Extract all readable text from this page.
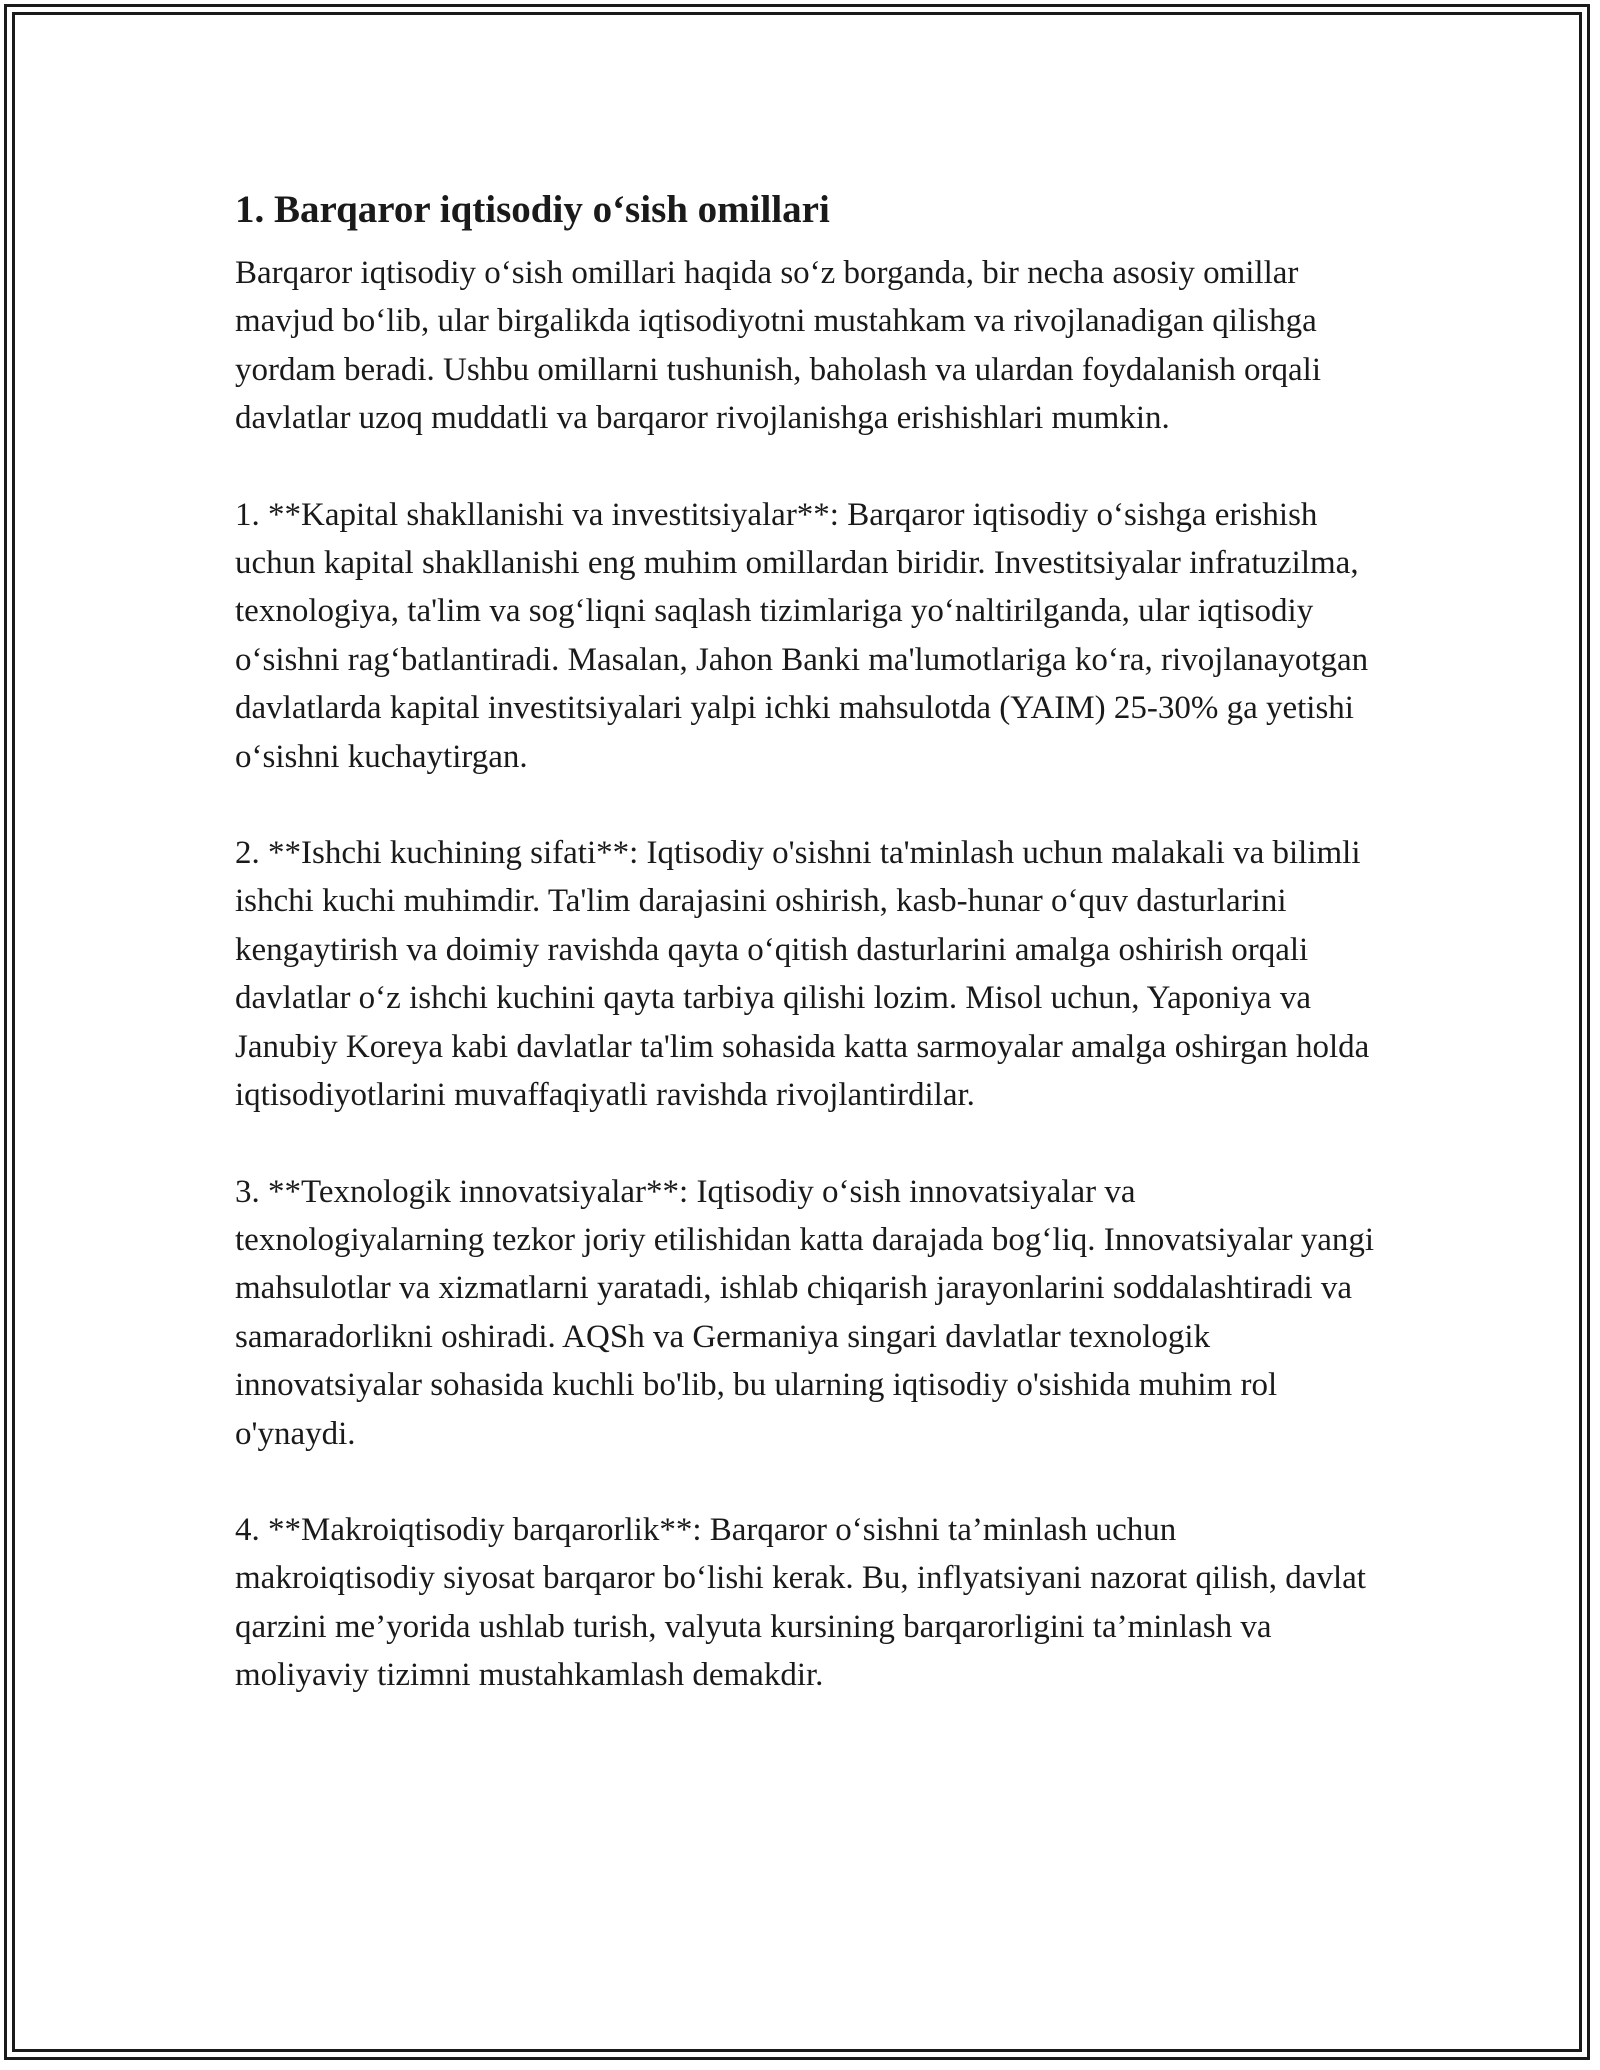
1. Barqaror iqtisodiy o‘sish omillari

Barqaror iqtisodiy o‘sish omillari haqida so‘z borganda, bir necha asosiy omillar mavjud bo‘lib, ular birgalikda iqtisodiyotni mustahkam va rivojlanadigan qilishga yordam beradi. Ushbu omillarni tushunish, baholash va ulardan foydalanish orqali davlatlar uzoq muddatli va barqaror rivojlanishga erishishlari mumkin.

1. **Kapital shakllanishi va investitsiyalar**: Barqaror iqtisodiy o‘sishga erishish uchun kapital shakllanishi eng muhim omillardan biridir. Investitsiyalar infratuzilma, texnologiya, ta'lim va sog‘liqni saqlash tizimlariga yo‘naltirilganda, ular iqtisodiy o‘sishni rag‘batlantiradi. Masalan, Jahon Banki ma'lumotlariga ko‘ra, rivojlanayotgan davlatlarda kapital investitsiyalari yalpi ichki mahsulotda (YAIM) 25-30% ga yetishi o‘sishni kuchaytirgan.

2. **Ishchi kuchining sifati**: Iqtisodiy o'sishni ta'minlash uchun malakali va bilimli ishchi kuchi muhimdir. Ta'lim darajasini oshirish, kasb-hunar o‘quv dasturlarini kengaytirish va doimiy ravishda qayta o‘qitish dasturlarini amalga oshirish orqali davlatlar o‘z ishchi kuchini qayta tarbiya qilishi lozim. Misol uchun, Yaponiya va Janubiy Koreya kabi davlatlar ta'lim sohasida katta sarmoyalar amalga oshirgan holda iqtisodiyotlarini muvaffaqiyatli ravishda rivojlantirdilar.

3. **Texnologik innovatsiyalar**: Iqtisodiy o‘sish innovatsiyalar va texnologiyalarning tezkor joriy etilishidan katta darajada bog‘liq. Innovatsiyalar yangi mahsulotlar va xizmatlarni yaratadi, ishlab chiqarish jarayonlarini soddalashtiradi va samaradorlikni oshiradi. AQSh va Germaniya singari davlatlar texnologik innovatsiyalar sohasida kuchli bo'lib, bu ularning iqtisodiy o'sishida muhim rol o'ynaydi.

4. **Makroiqtisodiy barqarorlik**: Barqaror o‘sishni ta’minlash uchun makroiqtisodiy siyosat barqaror bo‘lishi kerak. Bu, inflyatsiyani nazorat qilish, davlat qarzini me’yorida ushlab turish, valyuta kursining barqarorligini ta’minlash va moliyaviy tizimni mustahkamlash demakdir.
